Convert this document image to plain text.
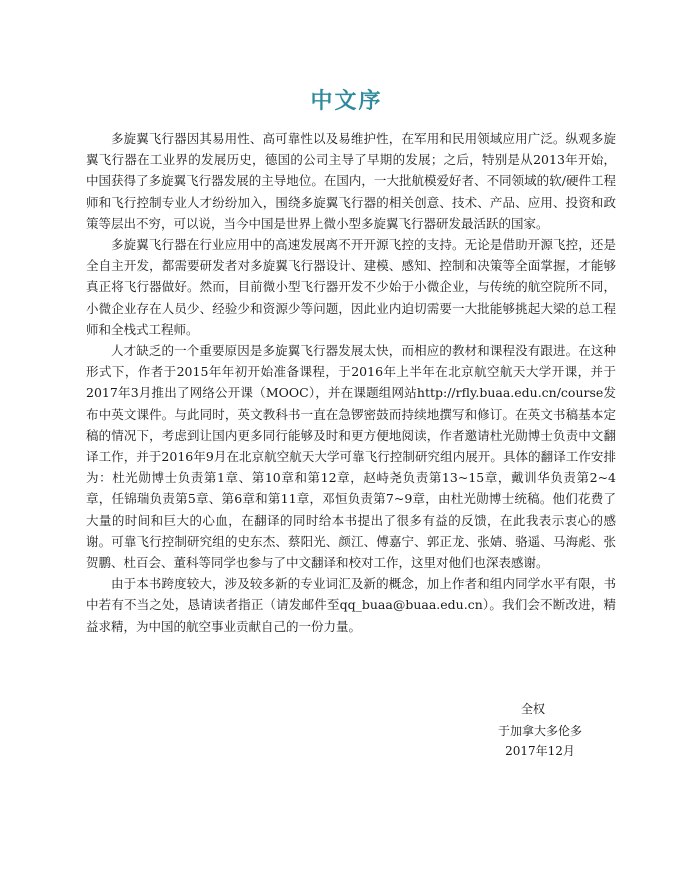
中文序

多旋翼飞行器因其易用性、高可靠性以及易维护性，在军用和民用领域应用广泛。纵观多旋翼飞行器在工业界的发展历史，德国的公司主导了早期的发展；之后，特别是从2013年开始，中国获得了多旋翼飞行器发展的主导地位。在国内，一大批航模爱好者、不同领域的软/硬件工程师和飞行控制专业人才纷纷加入，围绕多旋翼飞行器的相关创意、技术、产品、应用、投资和政策等层出不穷，可以说，当今中国是世界上微小型多旋翼飞行器研发最活跃的国家。

多旋翼飞行器在行业应用中的高速发展离不开开源飞控的支持。无论是借助开源飞控，还是全自主开发，都需要研发者对多旋翼飞行器设计、建模、感知、控制和决策等全面掌握，才能够真正将飞行器做好。然而，目前微小型飞行器开发不少始于小微企业，与传统的航空院所不同，小微企业存在人员少、经验少和资源少等问题，因此业内迫切需要一大批能够挑起大梁的总工程师和全栈式工程师。

人才缺乏的一个重要原因是多旋翼飞行器发展太快，而相应的教材和课程没有跟进。在这种形式下，作者于2015年年初开始准备课程，于2016年上半年在北京航空航天大学开课，并于2017年3月推出了网络公开课（MOOC），并在课题组网站http://rfly.buaa.edu.cn/course发布中英文课件。与此同时，英文教科书一直在急锣密鼓而持续地撰写和修订。在英文书稿基本定稿的情况下，考虑到让国内更多同行能够及时和更方便地阅读，作者邀请杜光勋博士负责中文翻译工作，并于2016年9月在北京航空航天大学可靠飞行控制研究组内展开。具体的翻译工作安排为：杜光勋博士负责第1章、第10章和第12章，赵峙尧负责第13~15章，戴训华负责第2~4章，任锦瑞负责第5章、第6章和第11章，邓恒负责第7~9章，由杜光勋博士统稿。他们花费了大量的时间和巨大的心血，在翻译的同时给本书提出了很多有益的反馈，在此我表示衷心的感谢。可靠飞行控制研究组的史东杰、蔡阳光、颜江、傅嘉宁、郭正龙、张婧、骆遥、马海彪、张贺鹏、杜百会、董科等同学也参与了中文翻译和校对工作，这里对他们也深表感谢。

由于本书跨度较大，涉及较多新的专业词汇及新的概念，加上作者和组内同学水平有限，书中若有不当之处，恳请读者指正（请发邮件至qq_buaa@buaa.edu.cn）。我们会不断改进，精益求精，为中国的航空事业贡献自己的一份力量。

全权
于加拿大多伦多
2017年12月
